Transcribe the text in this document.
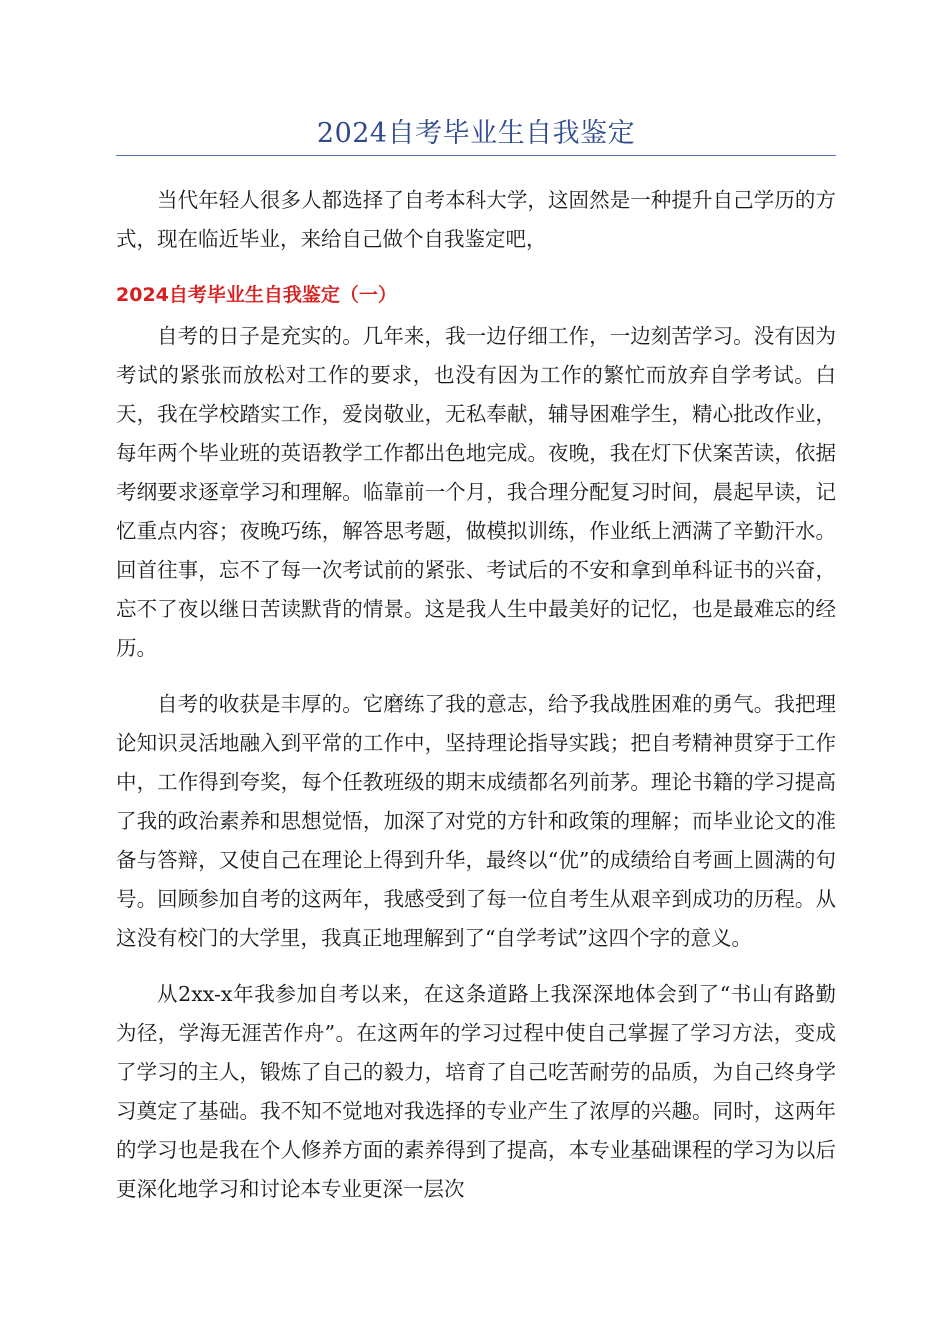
2024自考毕业生自我鉴定

当代年轻人很多人都选择了自考本科大学，这固然是一种提升自己学历的方式，现在临近毕业，来给自己做个自我鉴定吧，

2024自考毕业生自我鉴定（一）

自考的日子是充实的。几年来，我一边仔细工作，一边刻苦学习。没有因为考试的紧张而放松对工作的要求，也没有因为工作的繁忙而放弃自学考试。白天，我在学校踏实工作，爱岗敬业，无私奉献，辅导困难学生，精心批改作业，每年两个毕业班的英语教学工作都出色地完成。夜晚，我在灯下伏案苦读，依据考纲要求逐章学习和理解。临靠前一个月，我合理分配复习时间，晨起早读，记忆重点内容；夜晚巧练，解答思考题，做模拟训练，作业纸上洒满了辛勤汗水。回首往事，忘不了每一次考试前的紧张、考试后的不安和拿到单科证书的兴奋，忘不了夜以继日苦读默背的情景。这是我人生中最美好的记忆，也是最难忘的经历。

自考的收获是丰厚的。它磨练了我的意志，给予我战胜困难的勇气。我把理论知识灵活地融入到平常的工作中，坚持理论指导实践；把自考精神贯穿于工作中，工作得到夸奖，每个任教班级的期末成绩都名列前茅。理论书籍的学习提高了我的政治素养和思想觉悟，加深了对党的方针和政策的理解；而毕业论文的准备与答辩，又使自己在理论上得到升华，最终以“优”的成绩给自考画上圆满的句号。回顾参加自考的这两年，我感受到了每一位自考生从艰辛到成功的历程。从这没有校门的大学里，我真正地理解到了“自学考试”这四个字的意义。

从2xx-x年我参加自考以来，在这条道路上我深深地体会到了“书山有路勤为径，学海无涯苦作舟”。在这两年的学习过程中使自己掌握了学习方法，变成了学习的主人，锻炼了自己的毅力，培育了自己吃苦耐劳的品质，为自己终身学习奠定了基础。我不知不觉地对我选择的专业产生了浓厚的兴趣。同时，这两年的学习也是我在个人修养方面的素养得到了提高，本专业基础课程的学习为以后更深化地学习和讨论本专业更深一层次
